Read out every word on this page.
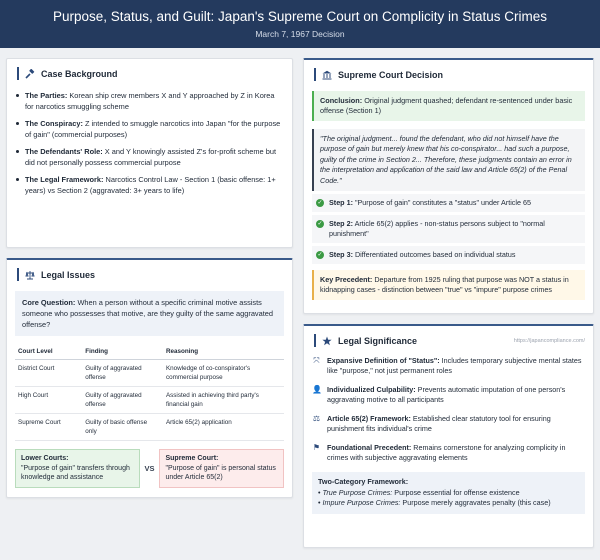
Purpose, Status, and Guilt: Japan's Supreme Court on Complicity in Status Crimes
March 7, 1967 Decision
Case Background
The Parties: Korean ship crew members X and Y approached by Z in Korea for narcotics smuggling scheme
The Conspiracy: Z intended to smuggle narcotics into Japan "for the purpose of gain" (commercial purposes)
The Defendants' Role: X and Y knowingly assisted Z's for-profit scheme but did not personally possess commercial purpose
The Legal Framework: Narcotics Control Law - Section 1 (basic offense: 1+ years) vs Section 2 (aggravated: 3+ years to life)
Legal Issues
Core Question: When a person without a specific criminal motive assists someone who possesses that motive, are they guilty of the same aggravated offense?
Court Level	Finding	Reasoning
District Court	Guilty of aggravated offense	Knowledge of co-conspirator's commercial purpose
High Court	Guilty of aggravated offense	Assisted in achieving third party's financial gain
Supreme Court	Guilty of basic offense only	Article 65(2) application
Lower Courts:
"Purpose of gain" transfers through knowledge and assistance
VS
Supreme Court:
"Purpose of gain" is personal status under Article 65(2)
Supreme Court Decision
Conclusion: Original judgment quashed; defendant re-sentenced under basic offense (Section 1)
"The original judgment... found the defendant, who did not himself have the purpose of gain but merely knew that his co-conspirator... had such a purpose, guilty of the crime in Section 2... Therefore, these judgments contain an error in the interpretation and application of the said law and Article 65(2) of the Penal Code."
✓ Step 1: "Purpose of gain" constitutes a "status" under Article 65
✓ Step 2: Article 65(2) applies - non-status persons subject to "normal punishment"
✓ Step 3: Differentiated outcomes based on individual status
Key Precedent: Departure from 1925 ruling that purpose was NOT a status in kidnapping cases - distinction between "true" vs "impure" purpose crimes
Legal Significance	https://japancompliance.com/
⤧ Expansive Definition of "Status": Includes temporary subjective mental states like "purpose," not just permanent roles
👤 Individualized Culpability: Prevents automatic imputation of one person's aggravating motive to all participants
⚖ Article 65(2) Framework: Established clear statutory tool for ensuring punishment fits individual's crime
⚑ Foundational Precedent: Remains cornerstone for analyzing complicity in crimes with subjective aggravating elements
Two-Category Framework:
• True Purpose Crimes: Purpose essential for offense existence
• Impure Purpose Crimes: Purpose merely aggravates penalty (this case)
